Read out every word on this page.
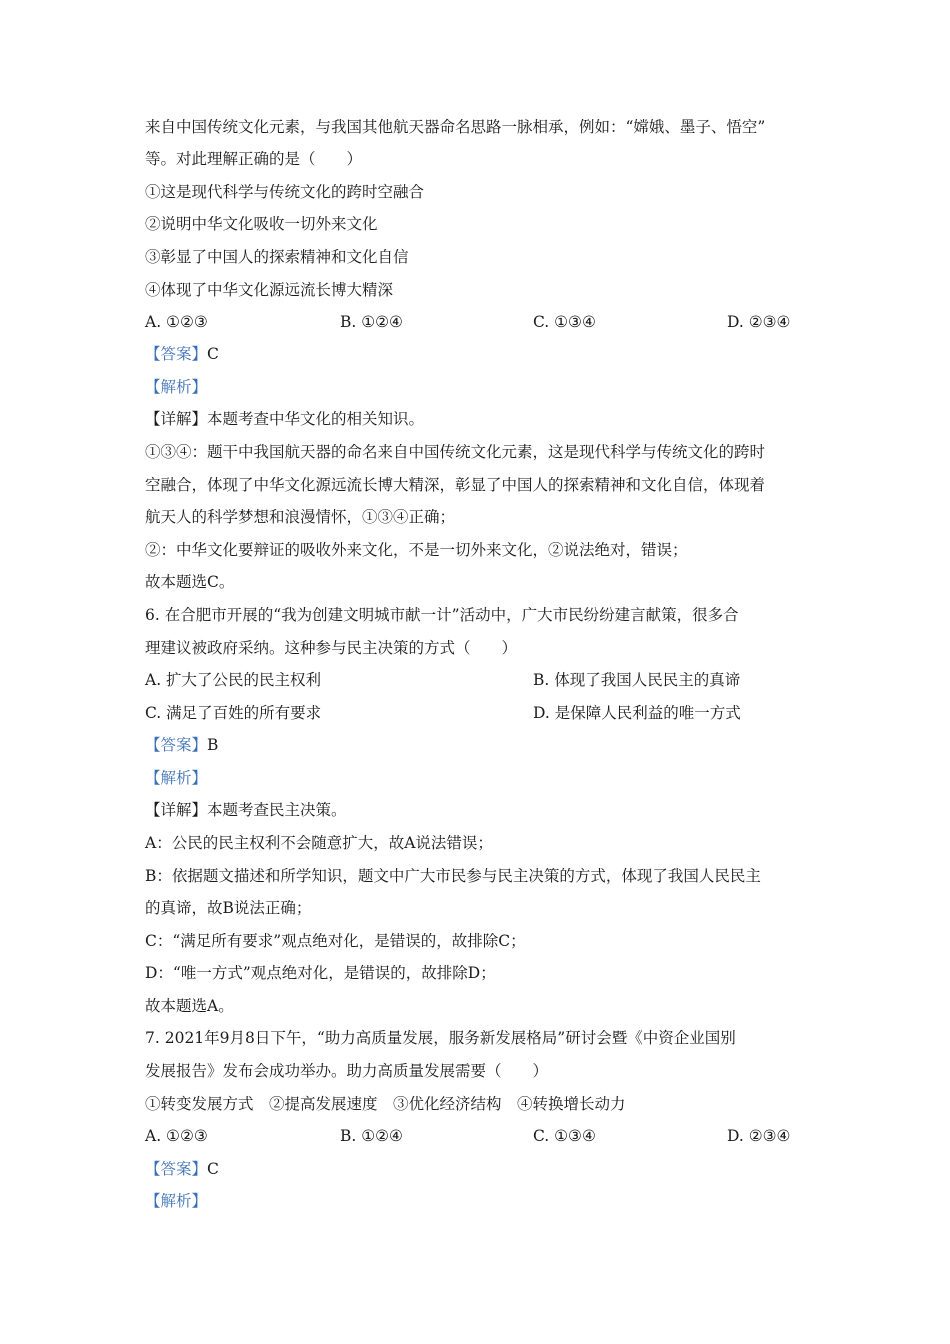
来自中国传统文化元素，与我国其他航天器命名思路一脉相承，例如：“嫦娥、墨子、悟空”
等。对此理解正确的是（　　）
①这是现代科学与传统文化的跨时空融合
②说明中华文化吸收一切外来文化
③彰显了中国人的探索精神和文化自信
④体现了中华文化源远流长博大精深
A. ①②③	B. ①②④	C. ①③④	D. ②③④
【答案】C
【解析】
【详解】本题考查中华文化的相关知识。
①③④：题干中我国航天器的命名来自中国传统文化元素，这是现代科学与传统文化的跨时
空融合，体现了中华文化源远流长博大精深，彰显了中国人的探索精神和文化自信，体现着
航天人的科学梦想和浪漫情怀，①③④正确；
②：中华文化要辩证的吸收外来文化，不是一切外来文化，②说法绝对，错误；
故本题选C。
6. 在合肥市开展的“我为创建文明城市献一计”活动中，广大市民纷纷建言献策，很多合
理建议被政府采纳。这种参与民主决策的方式（　　）
A. 扩大了公民的民主权利	B. 体现了我国人民民主的真谛
C. 满足了百姓的所有要求	D. 是保障人民利益的唯一方式
【答案】B
【解析】
【详解】本题考查民主决策。
A：公民的民主权利不会随意扩大，故A说法错误；
B：依据题文描述和所学知识，题文中广大市民参与民主决策的方式，体现了我国人民民主
的真谛，故B说法正确；
C：“满足所有要求”观点绝对化，是错误的，故排除C；
D：“唯一方式”观点绝对化，是错误的，故排除D；
故本题选A。
7. 2021年9月8日下午，“助力高质量发展，服务新发展格局”研讨会暨《中资企业国别
发展报告》发布会成功举办。助力高质量发展需要（　　）
①转变发展方式　②提高发展速度　③优化经济结构　④转换增长动力
A. ①②③	B. ①②④	C. ①③④	D. ②③④
【答案】C
【解析】
